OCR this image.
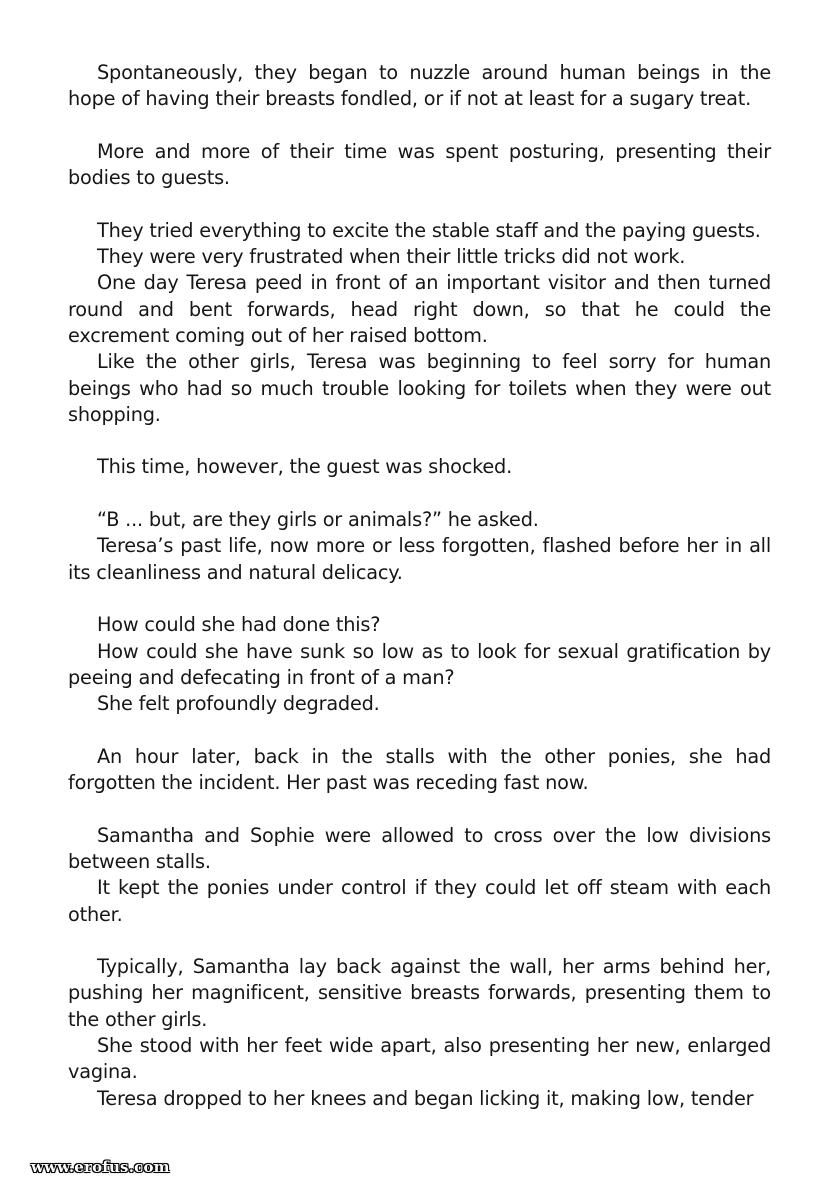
Spontaneously, they began to nuzzle around human beings in the hope of having their breasts fondled, or if not at least for a sugary treat.

More and more of their time was spent posturing, presenting their bodies to guests.

They tried everything to excite the stable staff and the paying guests.

They were very frustrated when their little tricks did not work.

One day Teresa peed in front of an important visitor and then turned round and bent forwards, head right down, so that he could the excrement coming out of her raised bottom.

Like the other girls, Teresa was beginning to feel sorry for human beings who had so much trouble looking for toilets when they were out shopping.

This time, however, the guest was shocked.

“B ... but, are they girls or animals?” he asked.

Teresa’s past life, now more or less forgotten, flashed before her in all its cleanliness and natural delicacy.

How could she had done this?

How could she have sunk so low as to look for sexual gratification by peeing and defecating in front of a man?

She felt profoundly degraded.

An hour later, back in the stalls with the other ponies, she had forgotten the incident. Her past was receding fast now.

Samantha and Sophie were allowed to cross over the low divisions between stalls.

It kept the ponies under control if they could let off steam with each other.

Typically, Samantha lay back against the wall, her arms behind her, pushing her magnificent, sensitive breasts forwards, presenting them to the other girls.

She stood with her feet wide apart, also presenting her new, enlarged vagina.

Teresa dropped to her knees and began licking it, making low, tender

www.erofus.com
